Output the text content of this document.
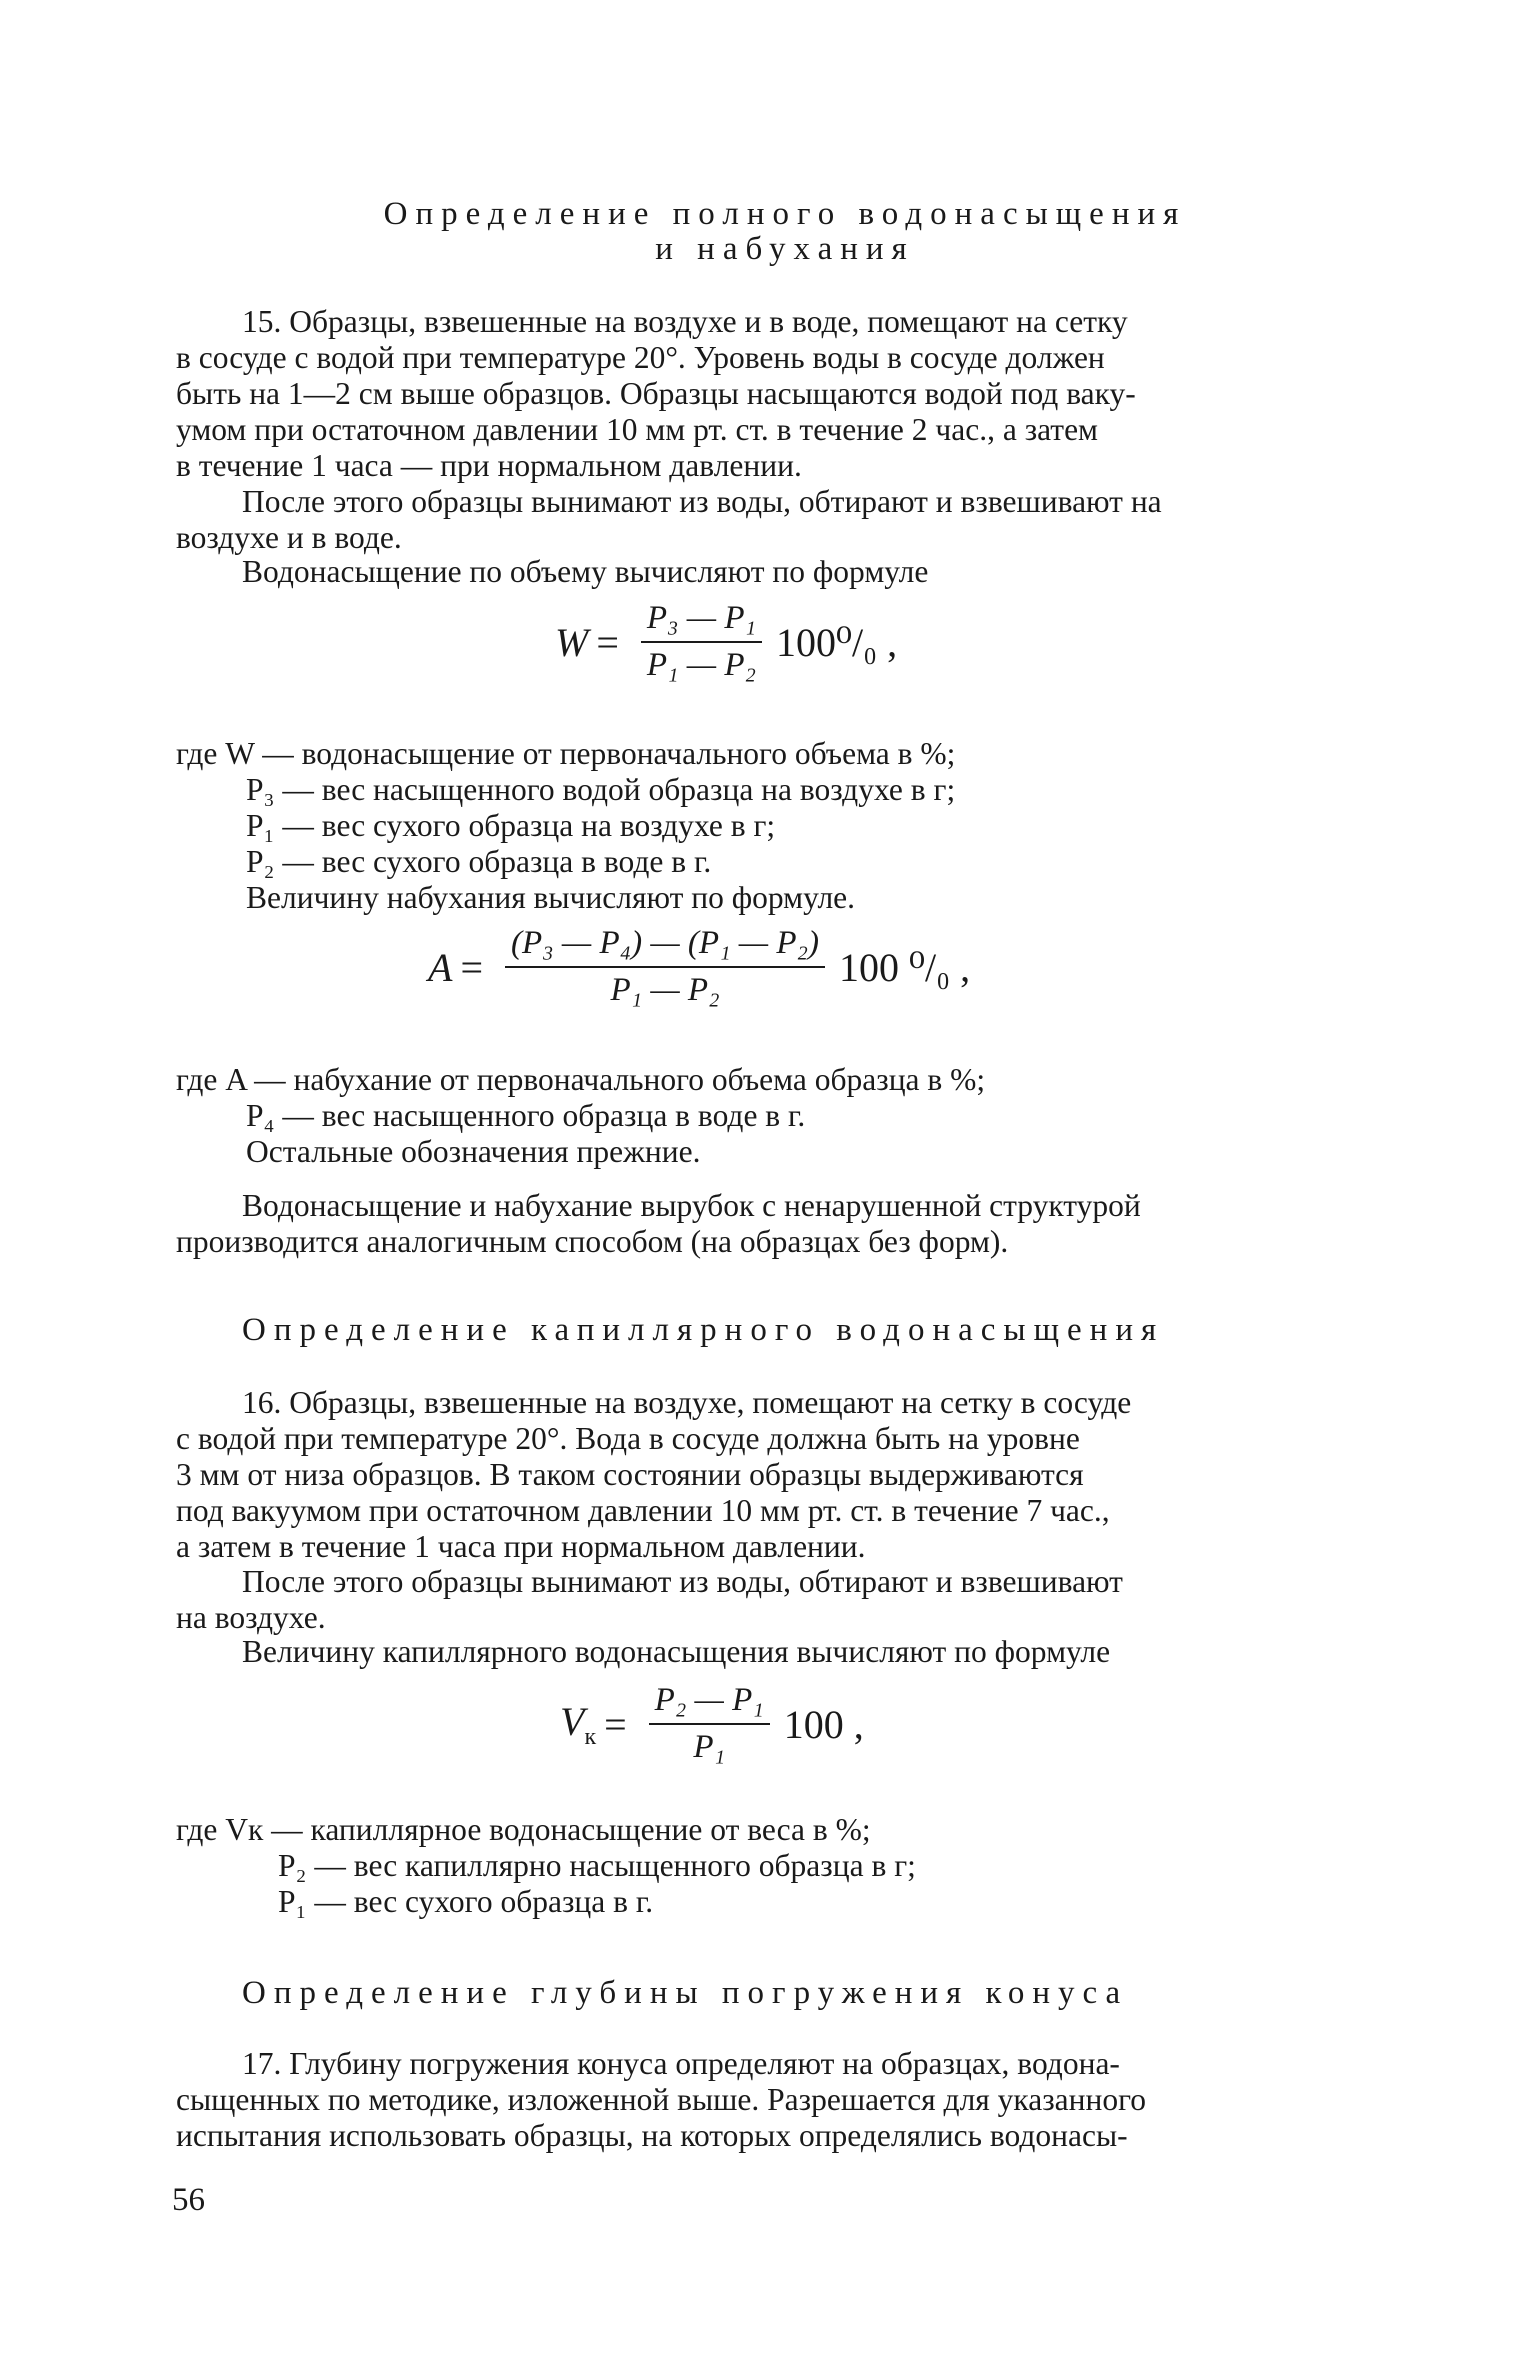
Определение полного водонасыщения

и набухания

15. Образцы, взвешенные на воздухе и в воде, помещают на сетку
в сосуде с водой при температуре 20°. Уровень воды в сосуде должен
быть на 1—2 см выше образцов. Образцы насыщаются водой под ваку-
умом при остаточном давлении 10 мм рт. ст. в течение 2 час., а затем
в течение 1 часа — при нормальном давлении.
После этого образцы вынимают из воды, обтирают и взвешивают на
воздухе и в воде.
Водонасыщение по объему вычисляют по формуле
$W = \frac{\text{P₃ — P₁}}{\text{P₁ — P₂}} 100^0/_0$ ,
где W — водонасыщение от первоначального объема в %;
P₃ — вес насыщенного водой образца на воздухе в г;
P₁ — вес сухого образца на воздухе в г;
P₂ — вес сухого образца в воде в г.
Величину набухания вычисляют по формуле.
$A = \frac{\text{(P₃ — P₄) — (P₁ — P₂)}}{\text{P₁ — P₂}} 100$ ⁰/₀ ,
где A — набухание от первоначального объема образца в %;
P₄ — вес насыщенного образца в воде в г.
Остальные обозначения прежние.
Водонасыщение и набухание вырубок с ненарушенной структурой
производится аналогичным способом (на образцах без форм).

Определение капиллярного водонасыщения

16. Образцы, взвешенные на воздухе, помещают на сетку в сосуде
с водой при температуре 20°. Вода в сосуде должна быть на уровне
3 мм от низа образцов. В таком состоянии образцы выдерживаются
под вакуумом при остаточном давлении 10 мм рт. ст. в течение 7 час.,
а затем в течение 1 часа при нормальном давлении.
После этого образцы вынимают из воды, обтирают и взвешивают
на воздухе.
Величину капиллярного водонасыщения вычисляют по формуле
$V_к = \frac{\text{P₂ — P₁}}{\text{P₁}} 100$ ,
где Vк — капиллярное водонасыщение от веса в %;
P₂ — вес капиллярно насыщенного образца в г;
P₁ — вес сухого образца в г.

Определение глубины погружения конуса

17. Глубину погружения конуса определяют на образцах, водона-
сыщенных по методике, изложенной выше. Разрешается для указанного
испытания использовать образцы, на которых определялись водонасы-
56
